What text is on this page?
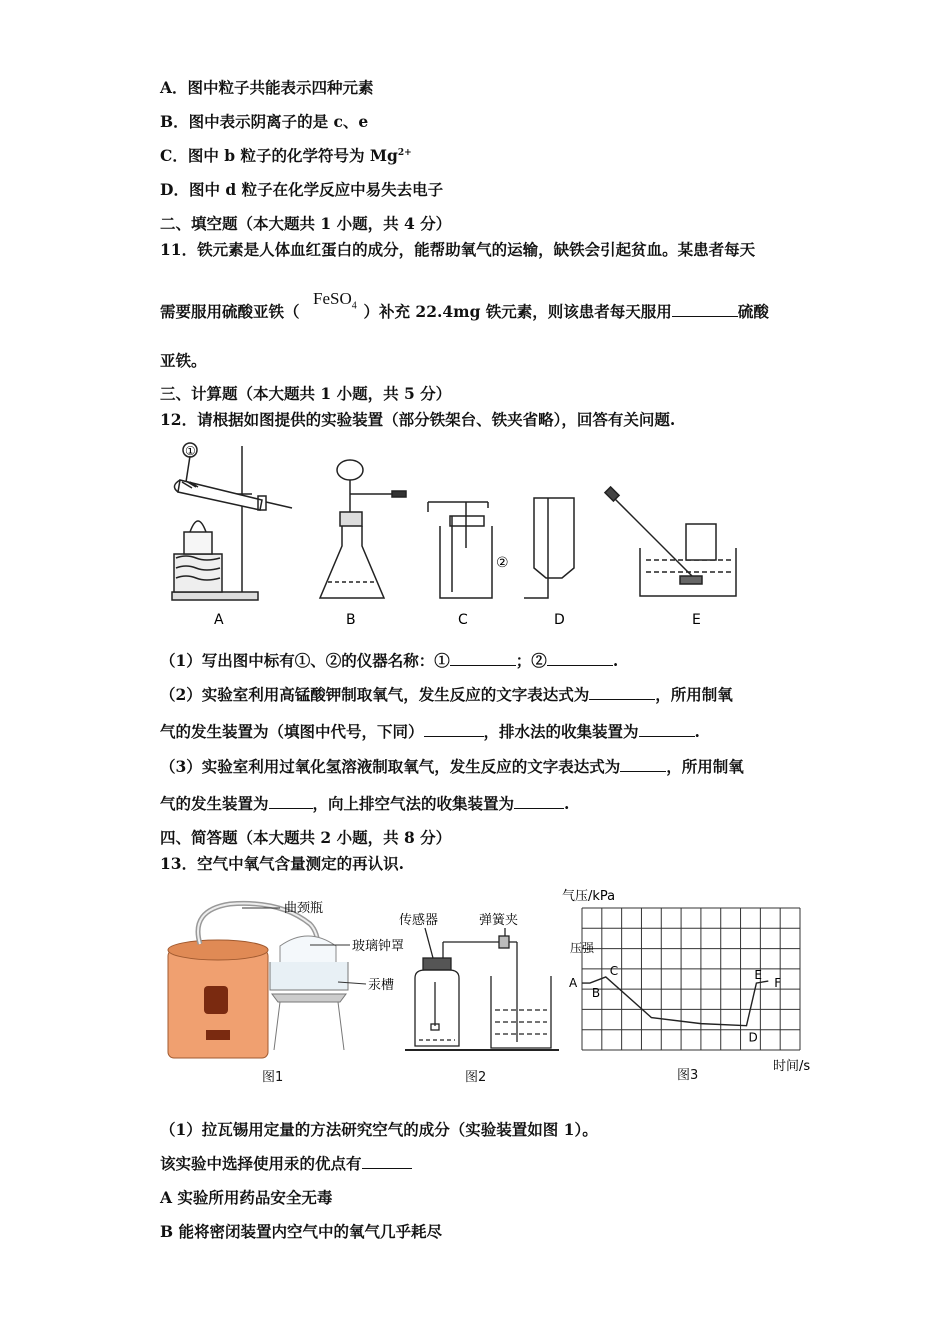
A．图中粒子共能表示四种元素
B．图中表示阴离子的是 c、e
C．图中 b 粒子的化学符号为 $Mg^{2+}$
D．图中 d 粒子在化学反应中易失去电子
二、填空题（本大题共 1 小题，共 4 分）
11．铁元素是人体血红蛋白的成分，能帮助氧气的运输，缺铁会引起贫血。某患者每天
FeSO$_4$
需要服用硫酸亚铁（	）补充 22.4mg 铁元素，则该患者每天服用	硫酸
亚铁。
三、计算题（本大题共 1 小题，共 5 分）
12．请根据如图提供的实验装置（部分铁架台、铁夹省略），回答有关问题.
①
②
A	B	C	D	E
（1）写出图中标有①、②的仪器名称：①	；②	.
（2）实验室利用高锰酸钾制取氧气，发生反应的文字表达式为	，所用制氧
气的发生装置为（填图中代号，下同）	，排水法的收集装置为	.
（3）实验室利用过氧化氢溶液制取氧气，发生反应的文字表达式为	，所用制氧
气的发生装置为	，向上排空气法的收集装置为	.
四、简答题（本大题共 2 小题，共 8 分）
13．空气中氧气含量测定的再认识.
曲颈瓶
玻璃钟罩
汞槽
传感器	弹簧夹
A
B
C
D
E
F
气压/kPa
时间/s
压强
图1	图2	图3
（1）拉瓦锡用定量的方法研究空气的成分（实验装置如图 1）。
该实验中选择使用汞的优点有
A 实验所用药品安全无毒
B 能将密闭装置内空气中的氧气几乎耗尽
